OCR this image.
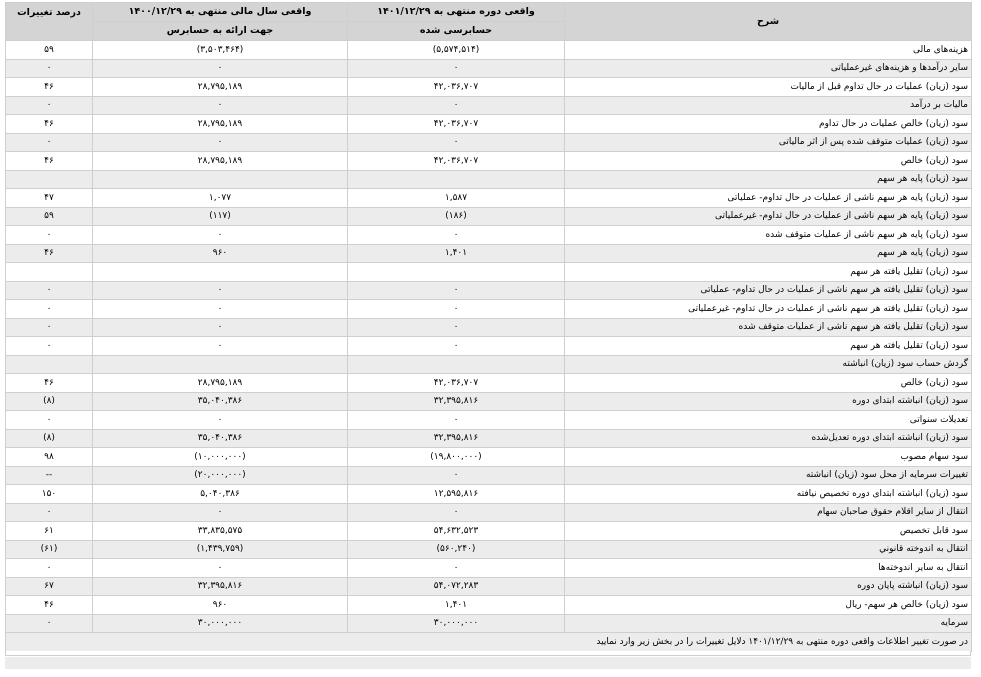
شرح	واقعی دوره منتهی به ۱۴۰۱/۱۲/۲۹	واقعی سال مالی منتهی به ۱۴۰۰/۱۲/۲۹	درصد تغییرات
	حسابرسی شده	جهت ارائه به حسابرس	
هزینه‌های مالی	(۵,۵۷۴,۵۱۴)	(۳,۵۰۳,۴۶۴)	۵۹
سایر درآمدها و هزینه‌های غیرعملیاتی	۰	۰	۰
سود (زیان) عملیات در حال تداوم قبل از مالیات	۴۲,۰۳۶,۷۰۷	۲۸,۷۹۵,۱۸۹	۴۶
مالیات بر درآمد	۰	۰	۰
سود (زیان) خالص عملیات در حال تداوم	۴۲,۰۳۶,۷۰۷	۲۸,۷۹۵,۱۸۹	۴۶
سود (زیان) عملیات متوقف شده پس از اثر مالیاتی	۰	۰	۰
سود (زیان) خالص	۴۲,۰۳۶,۷۰۷	۲۸,۷۹۵,۱۸۹	۴۶
سود (زیان) پایه هر سهم			
سود (زیان) پایه هر سهم ناشی از عملیات در حال تداوم- عملیاتی	۱,۵۸۷	۱,۰۷۷	۴۷
سود (زیان) پایه هر سهم ناشی از عملیات در حال تداوم- غیرعملیاتی	(۱۸۶)	(۱۱۷)	۵۹
سود (زیان) پایه هر سهم ناشی از عملیات متوقف شده	۰	۰	۰
سود (زیان) پایه هر سهم	۱,۴۰۱	۹۶۰	۴۶
سود (زیان) تقلیل یافته هر سهم			
سود (زیان) تقلیل یافته هر سهم ناشی از عملیات در حال تداوم- عملیاتی	۰	۰	۰
سود (زیان) تقلیل یافته هر سهم ناشی از عملیات در حال تداوم- غیرعملیاتی	۰	۰	۰
سود (زیان) تقلیل یافته هر سهم ناشی از عملیات متوقف شده	۰	۰	۰
سود (زیان) تقلیل یافته هر سهم	۰	۰	۰
گردش حساب سود (زیان) انباشته			
سود (زیان) خالص	۴۲,۰۳۶,۷۰۷	۲۸,۷۹۵,۱۸۹	۴۶
سود (زیان) انباشته ابتدای دوره	۳۲,۳۹۵,۸۱۶	۳۵,۰۴۰,۳۸۶	(۸)
تعدیلات سنواتی	۰	۰	۰
سود (زیان) انباشته ابتدای دوره تعدیل‌شده	۳۲,۳۹۵,۸۱۶	۳۵,۰۴۰,۳۸۶	(۸)
سود سهام مصوب	(۱۹,۸۰۰,۰۰۰)	(۱۰,۰۰۰,۰۰۰)	۹۸
تغییرات سرمایه از محل سود (زیان) انباشته	۰	(۲۰,۰۰۰,۰۰۰)	--
سود (زیان) انباشته ابتدای دوره تخصیص نیافته	۱۲,۵۹۵,۸۱۶	۵,۰۴۰,۳۸۶	۱۵۰
انتقال از سایر اقلام حقوق صاحبان سهام	۰	۰	۰
سود قابل تخصیص	۵۴,۶۳۲,۵۲۳	۳۳,۸۳۵,۵۷۵	۶۱
انتقال به اندوخته قانوني	(۵۶۰,۲۴۰)	(۱,۴۳۹,۷۵۹)	(۶۱)
انتقال به سایر اندوخته‌ها	۰	۰	۰
سود (زیان) انباشته پایان دوره	۵۴,۰۷۲,۲۸۳	۳۲,۳۹۵,۸۱۶	۶۷
سود (زیان) خالص هر سهم- ریال	۱,۴۰۱	۹۶۰	۴۶
سرمایه	۳۰,۰۰۰,۰۰۰	۳۰,۰۰۰,۰۰۰	۰
در صورت تغییر اطلاعات واقعی دوره منتهی به ۱۴۰۱/۱۲/۲۹ دلایل تغییرات را در بخش زیر وارد نمایید			
